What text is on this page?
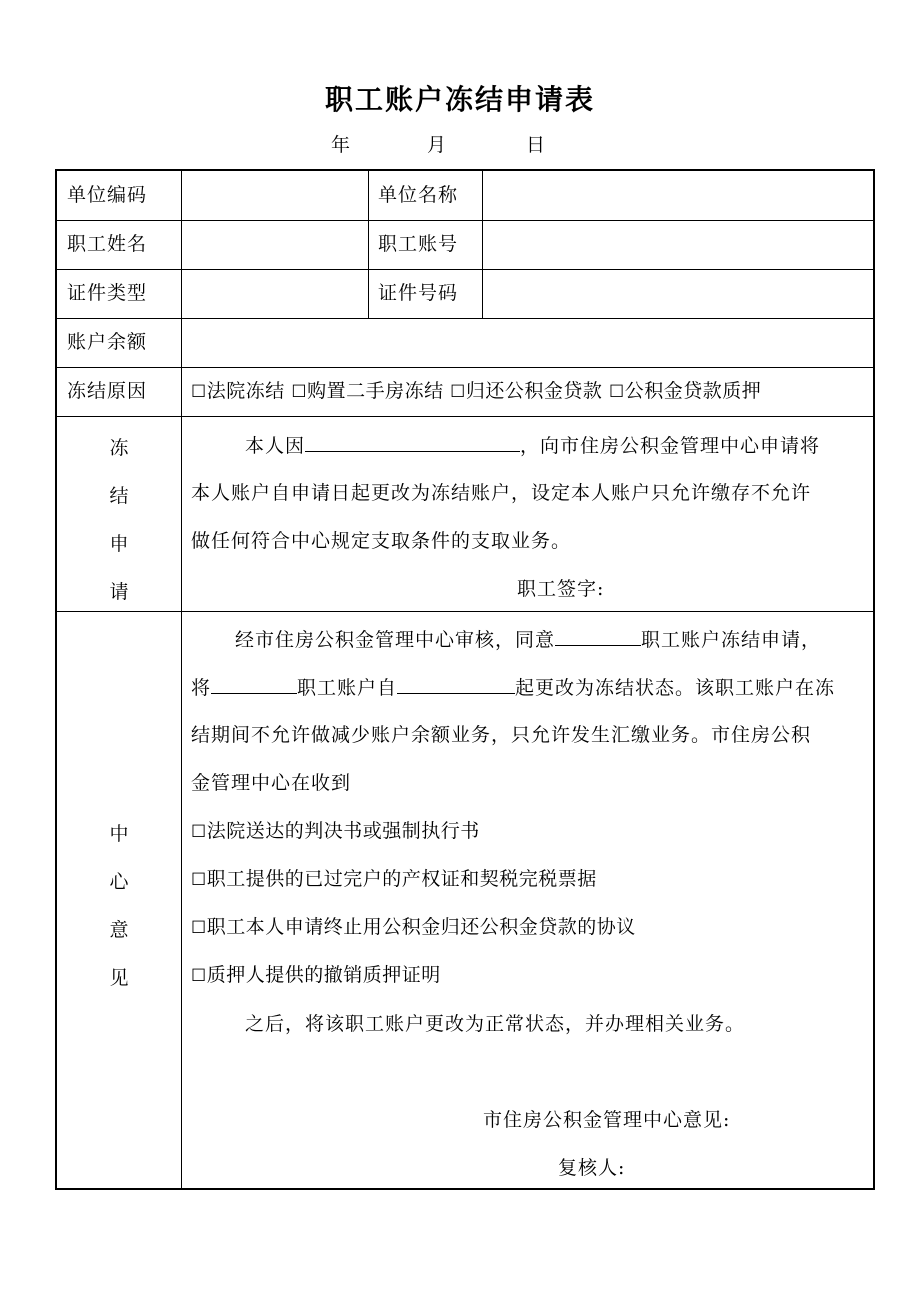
职工账户冻结申请表
年	月	日
单位编码	单位名称
职工姓名	职工账号
证件类型	证件号码
账户余额
冻结原因	☐法院冻结 ☐购置二手房冻结 ☐归还公积金贷款 ☐公积金贷款质押
冻
结
申
请
本人因	，向市住房公积金管理中心申请将
本人账户自申请日起更改为冻结账户，设定本人账户只允许缴存不允许
做任何符合中心规定支取条件的支取业务。
职工签字:
中
心
意
见
经市住房公积金管理中心审核，同意	职工账户冻结申请，
将	职工账户自	起更改为冻结状态。该职工账户在冻
结期间不允许做减少账户余额业务，只允许发生汇缴业务。市住房公积
金管理中心在收到
☐法院送达的判决书或强制执行书
☐职工提供的已过完户的产权证和契税完税票据
☐职工本人申请终止用公积金归还公积金贷款的协议
☐质押人提供的撤销质押证明
之后，将该职工账户更改为正常状态，并办理相关业务。
市住房公积金管理中心意见:
复核人:
